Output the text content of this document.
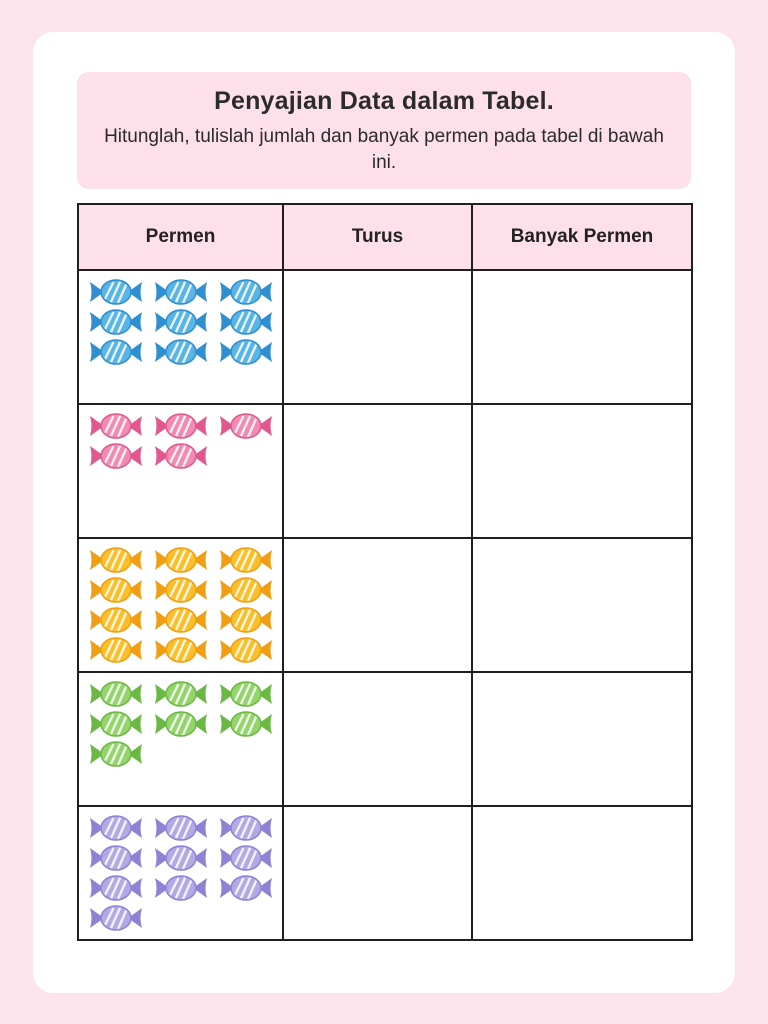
Penyajian Data dalam Tabel.
Hitunglah, tulislah jumlah dan banyak permen pada tabel di bawah ini.
Permen	Turus	Banyak Permen
